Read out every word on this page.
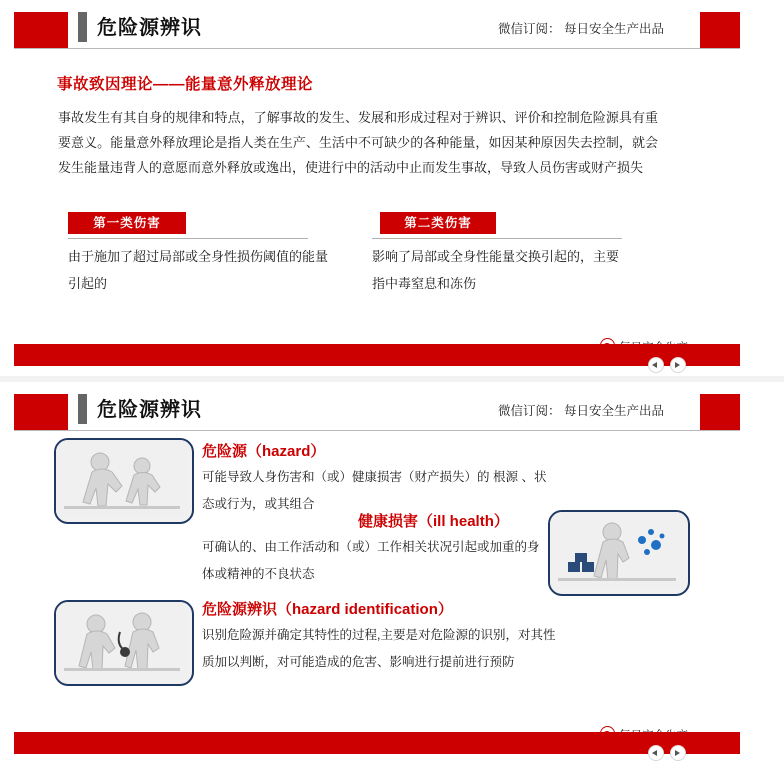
危险源辨识	微信订阅： 每日安全生产出品
事故致因理论——能量意外释放理论
事故发生有其自身的规律和特点，了解事故的发生、发展和形成过程对于辨识、评价和控制危险源具有重要意义。能量意外释放理论是指人类在生产、生活中不可缺少的各种能量，如因某种原因失去控制，就会发生能量违背人的意愿而意外释放或逸出，使进行中的活动中止而发生事故，导致人员伤害或财产损失
第一类伤害
由于施加了超过局部或全身性损伤阈值的能量引起的
第二类伤害
影响了局部或全身性能量交换引起的，主要指中毒窒息和冻伤
危险源辨识	微信订阅： 每日安全生产出品
危险源（hazard）
可能导致人身伤害和（或）健康损害（财产损失）的 根源 、状态或行为，或其组合
健康损害（ill health）
可确认的、由工作活动和（或）工作相关状况引起或加重的身体或精神的不良状态
危险源辨识（hazard identification）
识别危险源并确定其特性的过程,主要是对危险源的识别，对其性质加以判断，对可能造成的危害、影响进行提前进行预防
